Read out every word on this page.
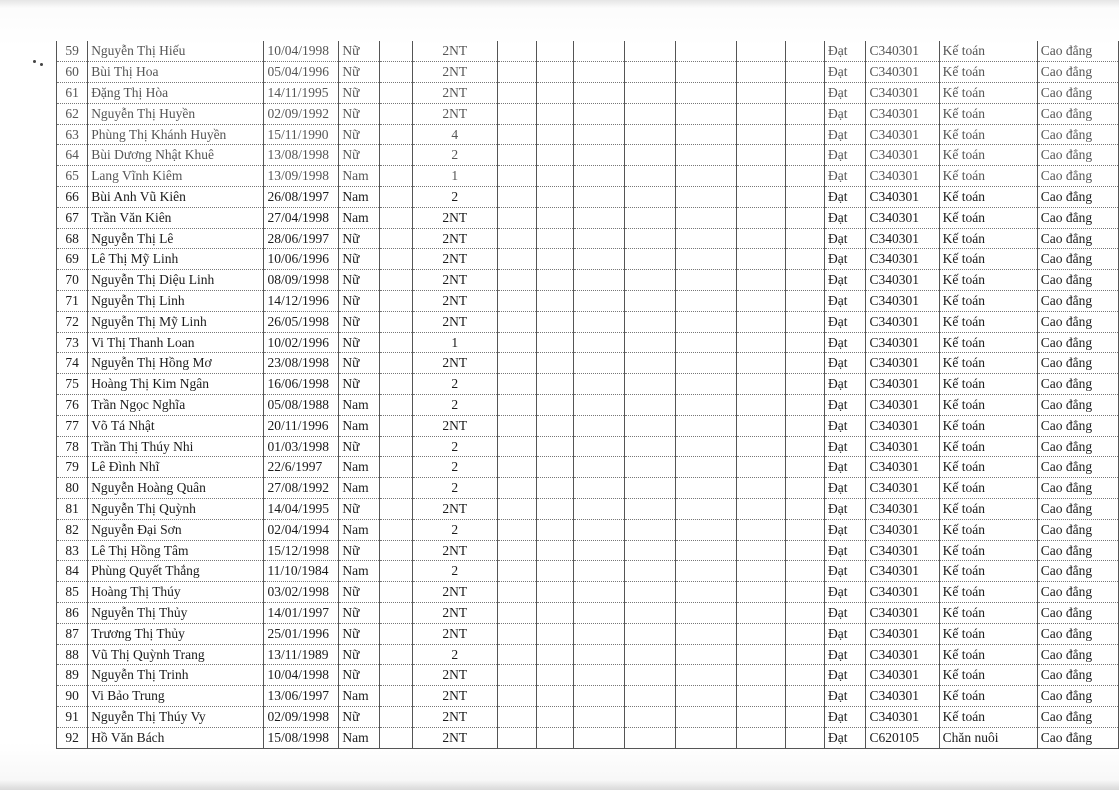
59	Nguyễn Thị Hiếu	10/04/1998	Nữ		2NT								Đạt	C340301	Kế toán	Cao đẳng
60	Bùi Thị Hoa	05/04/1996	Nữ		2NT								Đạt	C340301	Kế toán	Cao đẳng
61	Đặng Thị Hòa	14/11/1995	Nữ		2NT								Đạt	C340301	Kế toán	Cao đẳng
62	Nguyễn Thị Huyền	02/09/1992	Nữ		2NT								Đạt	C340301	Kế toán	Cao đẳng
63	Phùng Thị Khánh Huyền	15/11/1990	Nữ		4								Đạt	C340301	Kế toán	Cao đẳng
64	Bùi Dương Nhật Khuê	13/08/1998	Nữ		2								Đạt	C340301	Kế toán	Cao đẳng
65	Lang Vĩnh Kiêm	13/09/1998	Nam		1								Đạt	C340301	Kế toán	Cao đẳng
66	Bùi Anh Vũ Kiên	26/08/1997	Nam		2								Đạt	C340301	Kế toán	Cao đẳng
67	Trần Văn Kiên	27/04/1998	Nam		2NT								Đạt	C340301	Kế toán	Cao đẳng
68	Nguyễn Thị Lê	28/06/1997	Nữ		2NT								Đạt	C340301	Kế toán	Cao đẳng
69	Lê Thị Mỹ Linh	10/06/1996	Nữ		2NT								Đạt	C340301	Kế toán	Cao đẳng
70	Nguyễn Thị Diệu Linh	08/09/1998	Nữ		2NT								Đạt	C340301	Kế toán	Cao đẳng
71	Nguyễn Thị Linh	14/12/1996	Nữ		2NT								Đạt	C340301	Kế toán	Cao đẳng
72	Nguyễn Thị Mỹ Linh	26/05/1998	Nữ		2NT								Đạt	C340301	Kế toán	Cao đẳng
73	Vi Thị Thanh Loan	10/02/1996	Nữ		1								Đạt	C340301	Kế toán	Cao đẳng
74	Nguyễn Thị Hồng Mơ	23/08/1998	Nữ		2NT								Đạt	C340301	Kế toán	Cao đẳng
75	Hoàng Thị Kim Ngân	16/06/1998	Nữ		2								Đạt	C340301	Kế toán	Cao đẳng
76	Trần Ngọc Nghĩa	05/08/1988	Nam		2								Đạt	C340301	Kế toán	Cao đẳng
77	Võ Tá Nhật	20/11/1996	Nam		2NT								Đạt	C340301	Kế toán	Cao đẳng
78	Trần Thị Thúy Nhi	01/03/1998	Nữ		2								Đạt	C340301	Kế toán	Cao đẳng
79	Lê Đình Nhĩ	22/6/1997	Nam		2								Đạt	C340301	Kế toán	Cao đẳng
80	Nguyễn Hoàng Quân	27/08/1992	Nam		2								Đạt	C340301	Kế toán	Cao đẳng
81	Nguyễn Thị Quỳnh	14/04/1995	Nữ		2NT								Đạt	C340301	Kế toán	Cao đẳng
82	Nguyễn Đại Sơn	02/04/1994	Nam		2								Đạt	C340301	Kế toán	Cao đẳng
83	Lê Thị Hồng Tâm	15/12/1998	Nữ		2NT								Đạt	C340301	Kế toán	Cao đẳng
84	Phùng Quyết Thắng	11/10/1984	Nam		2								Đạt	C340301	Kế toán	Cao đẳng
85	Hoàng Thị Thúy	03/02/1998	Nữ		2NT								Đạt	C340301	Kế toán	Cao đẳng
86	Nguyễn Thị Thủy	14/01/1997	Nữ		2NT								Đạt	C340301	Kế toán	Cao đẳng
87	Trương Thị Thủy	25/01/1996	Nữ		2NT								Đạt	C340301	Kế toán	Cao đẳng
88	Vũ Thị Quỳnh Trang	13/11/1989	Nữ		2								Đạt	C340301	Kế toán	Cao đẳng
89	Nguyễn Thị Trinh	10/04/1998	Nữ		2NT								Đạt	C340301	Kế toán	Cao đẳng
90	Vi Bảo Trung	13/06/1997	Nam		2NT								Đạt	C340301	Kế toán	Cao đẳng
91	Nguyễn Thị Thúy Vy	02/09/1998	Nữ		2NT								Đạt	C340301	Kế toán	Cao đẳng
92	Hồ Văn Bách	15/08/1998	Nam		2NT								Đạt	C620105	Chăn nuôi	Cao đẳng
